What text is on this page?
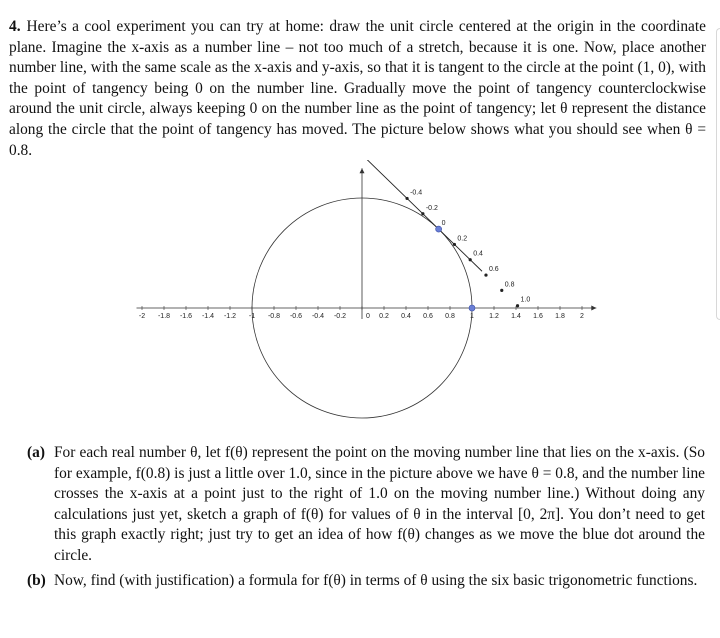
4. Here’s a cool experiment you can try at home: draw the unit circle centered at the origin in the coordinate plane. Imagine the x-axis as a number line – not too much of a stretch, because it is one. Now, place another number line, with the same scale as the x-axis and y-axis, so that it is tangent to the circle at the point (1, 0), with the point of tangency being 0 on the number line. Gradually move the point of tangency counterclockwise around the unit circle, always keeping 0 on the number line as the point of tangency; let θ represent the distance along the circle that the point of tangency has moved. The picture below shows what you should see when θ = 0.8.
-2 -1.8 -1.6 -1.4 -1.2 -1 -0.8 -0.6 -0.4 -0.2	0 0.2 0.4 0.6 0.8 1 1.2 1.4 1.6 1.8 2
-0.4
-0.2
0
0.2
0.4
0.6
0.8
1.0
(a) For each real number θ, let f(θ) represent the point on the moving number line that lies on the x-axis. (So for example, f(0.8) is just a little over 1.0, since in the picture above we have θ = 0.8, and the number line crosses the x-axis at a point just to the right of 1.0 on the moving number line.) Without doing any calculations just yet, sketch a graph of f(θ) for values of θ in the interval [0, 2π]. You don’t need to get this graph exactly right; just try to get an idea of how f(θ) changes as we move the blue dot around the circle.
(b) Now, find (with justification) a formula for f(θ) in terms of θ using the six basic trigonometric functions.
